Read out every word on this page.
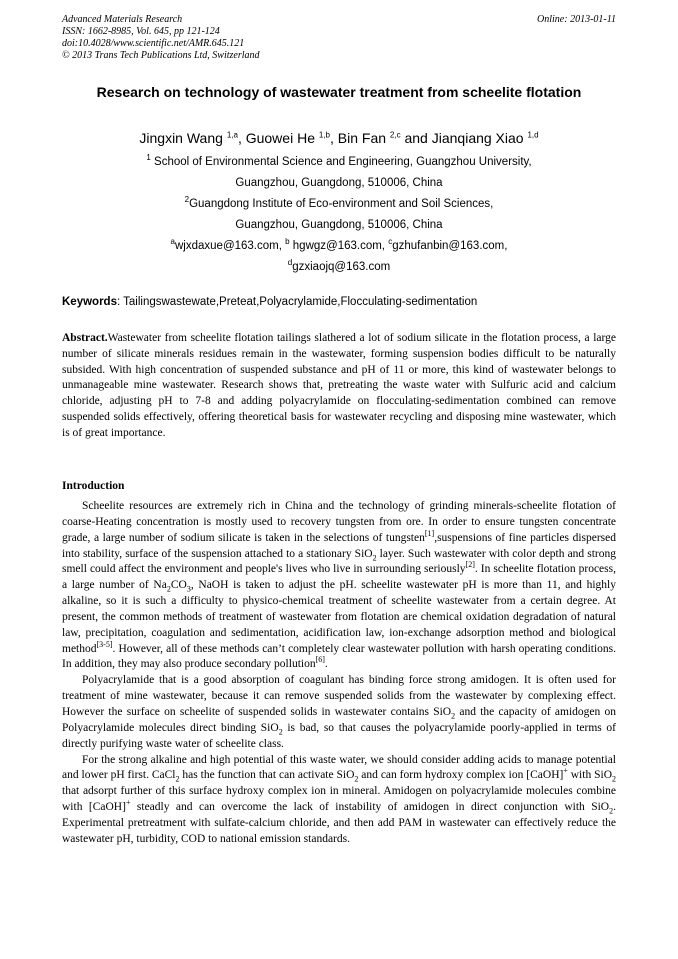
Advanced Materials Research
ISSN: 1662-8985, Vol. 645, pp 121-124
doi:10.4028/www.scientific.net/AMR.645.121
© 2013 Trans Tech Publications Ltd, Switzerland
Online: 2013-01-11
Research on technology of wastewater treatment from scheelite flotation
Jingxin Wang $^{1,a}$, Guowei He $^{1,b}$, Bin Fan $^{2,c}$ and Jianqiang Xiao $^{1,d}$
$^1$ School of Environmental Science and Engineering, Guangzhou University,
Guangzhou, Guangdong, 510006, China
$^2$Guangdong Institute of Eco-environment and Soil Sciences,
Guangzhou, Guangdong, 510006, China
$^a$wjxdaxue@163.com, $^b$ hgwgz@163.com, $^c$gzhufanbin@163.com,
$^d$gzxiaojq@163.com
Keywords: Tailingswastewate,Preteat,Polyacrylamide,Flocculating-sedimentation

Abstract.Wastewater from scheelite flotation tailings slathered a lot of sodium silicate in the flotation process, a large number of silicate minerals residues remain in the wastewater, forming suspension bodies difficult to be naturally subsided. With high concentration of suspended substance and pH of 11 or more, this kind of wastewater belongs to unmanageable mine wastewater. Research shows that, pretreating the waste water with Sulfuric acid and calcium chloride, adjusting pH to 7-8 and adding polyacrylamide on flocculating-sedimentation combined can remove suspended solids effectively, offering theoretical basis for wastewater recycling and disposing mine wastewater, which is of great importance.

Introduction

Scheelite resources are extremely rich in China and the technology of grinding minerals-scheelite flotation of coarse-Heating concentration is mostly used to recovery tungsten from ore. In order to ensure tungsten concentrate grade, a large number of sodium silicate is taken in the selections of tungsten[1],suspensions of fine particles dispersed into stability, surface of the suspension attached to a stationary SiO$_2$ layer. Such wastewater with color depth and strong smell could affect the environment and people's lives who live in surrounding seriously[2]. In scheelite flotation process, a large number of $Na_2CO_3$, NaOH is taken to adjust the pH. scheelite wastewater pH is more than 11, and highly alkaline, so it is such a difficulty to physico-chemical treatment of scheelite wastewater from a certain degree. At present, the common methods of treatment of wastewater from flotation are chemical oxidation degradation of natural law, precipitation, coagulation and sedimentation, acidification law, ion-exchange adsorption method and biological method[3-5]. However, all of these methods can’t completely clear wastewater pollution with harsh operating conditions. In addition, they may also produce secondary pollution[6].

Polyacrylamide that is a good absorption of coagulant has binding force strong amidogen. It is often used for treatment of mine wastewater, because it can remove suspended solids from the wastewater by complexing effect. However the surface on scheelite of suspended solids in wastewater contains SiO$_2$ and the capacity of amidogen on Polyacrylamide molecules direct binding SiO$_2$ is bad, so that causes the polyacrylamide poorly-applied in terms of directly purifying waste water of scheelite class.

For the strong alkaline and high potential of this waste water, we should consider adding acids to manage potential and lower pH first. CaCl$_2$ has the function that can activate SiO$_2$ and can form hydroxy complex ion [CaOH]+ with SiO$_2$ that adsorpt further of this surface hydroxy complex ion in mineral. Amidogen on polyacrylamide molecules combine with [CaOH]+ steadly and can overcome the lack of instability of amidogen in direct conjunction with SiO$_2$. Experimental pretreatment with sulfate-calcium chloride, and then add PAM in wastewater can effectively reduce the wastewater pH, turbidity, COD to national emission standards.
